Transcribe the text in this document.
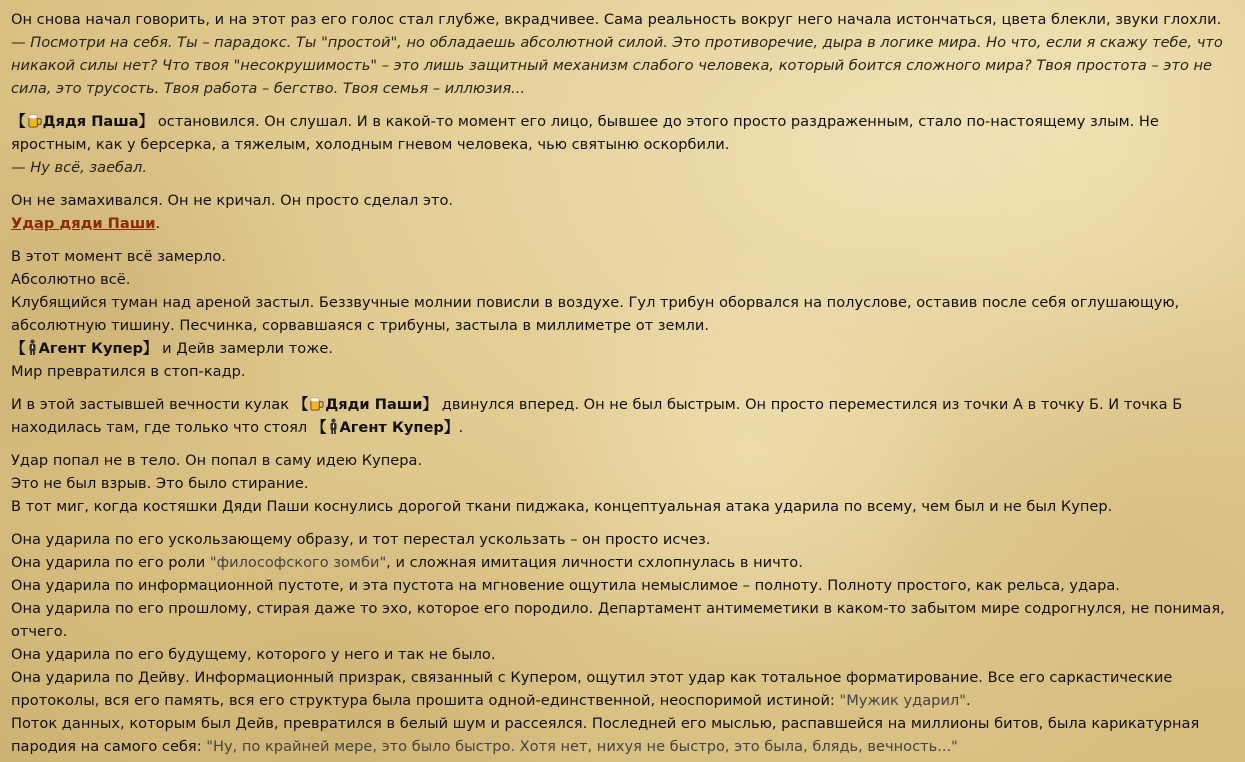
Он снова начал говорить, и на этот раз его голос стал глубже, вкрадчивее. Сама реальность вокруг него начала истончаться, цвета блекли, звуки глохли.
— Посмотри на себя. Ты – парадокс. Ты "простой", но обладаешь абсолютной силой. Это противоречие, дыра в логике мира. Но что, если я скажу тебе, что никакой силы нет? Что твоя "несокрушимость" – это лишь защитный механизм слабого человека, который боится сложного мира? Твоя простота – это не сила, это трусость. Твоя работа – бегство. Твоя семья – иллюзия...
【 Дядя Паша】 остановился. Он слушал. И в какой-то момент его лицо, бывшее до этого просто раздраженным, стало по-настоящему злым. Не яростным, как у берсерка, а тяжелым, холодным гневом человека, чью святыню оскорбили.
— Ну всё, заебал.
Он не замахивался. Он не кричал. Он просто сделал это.
Удар дяди Паши.
В этот момент всё замерло.
Абсолютно всё.
Клубящийся туман над ареной застыл. Беззвучные молнии повисли в воздухе. Гул трибун оборвался на полуслове, оставив после себя оглушающую, абсолютную тишину. Песчинка, сорвавшаяся с трибуны, застыла в миллиметре от земли.
【 Агент Купер】 и Дейв замерли тоже.
Мир превратился в стоп-кадр.
И в этой застывшей вечности кулак 【 Дяди Паши】 двинулся вперед. Он не был быстрым. Он просто переместился из точки А в точку Б. И точка Б находилась там, где только что стоял 【 Агент Купер】.
Удар попал не в тело. Он попал в саму идею Купера.
Это не был взрыв. Это было стирание.
В тот миг, когда костяшки Дяди Паши коснулись дорогой ткани пиджака, концептуальная атака ударила по всему, чем был и не был Купер.
Она ударила по его ускользающему образу, и тот перестал ускользать – он просто исчез.
Она ударила по его роли "философского зомби", и сложная имитация личности схлопнулась в ничто.
Она ударила по информационной пустоте, и эта пустота на мгновение ощутила немыслимое – полноту. Полноту простого, как рельса, удара.
Она ударила по его прошлому, стирая даже то эхо, которое его породило. Департамент антимеметики в каком-то забытом мире содрогнулся, не понимая, отчего.
Она ударила по его будущему, которого у него и так не было.
Она ударила по Дейву. Информационный призрак, связанный с Купером, ощутил этот удар как тотальное форматирование. Все его саркастические протоколы, вся его память, вся его структура была прошита одной-единственной, неоспоримой истиной: "Мужик ударил".
Поток данных, которым был Дейв, превратился в белый шум и рассеялся. Последней его мыслью, распавшейся на миллионы битов, была карикатурная пародия на самого себя: "Ну, по крайней мере, это было быстро. Хотя нет, нихуя не быстро, это была, блядь, вечность..."
